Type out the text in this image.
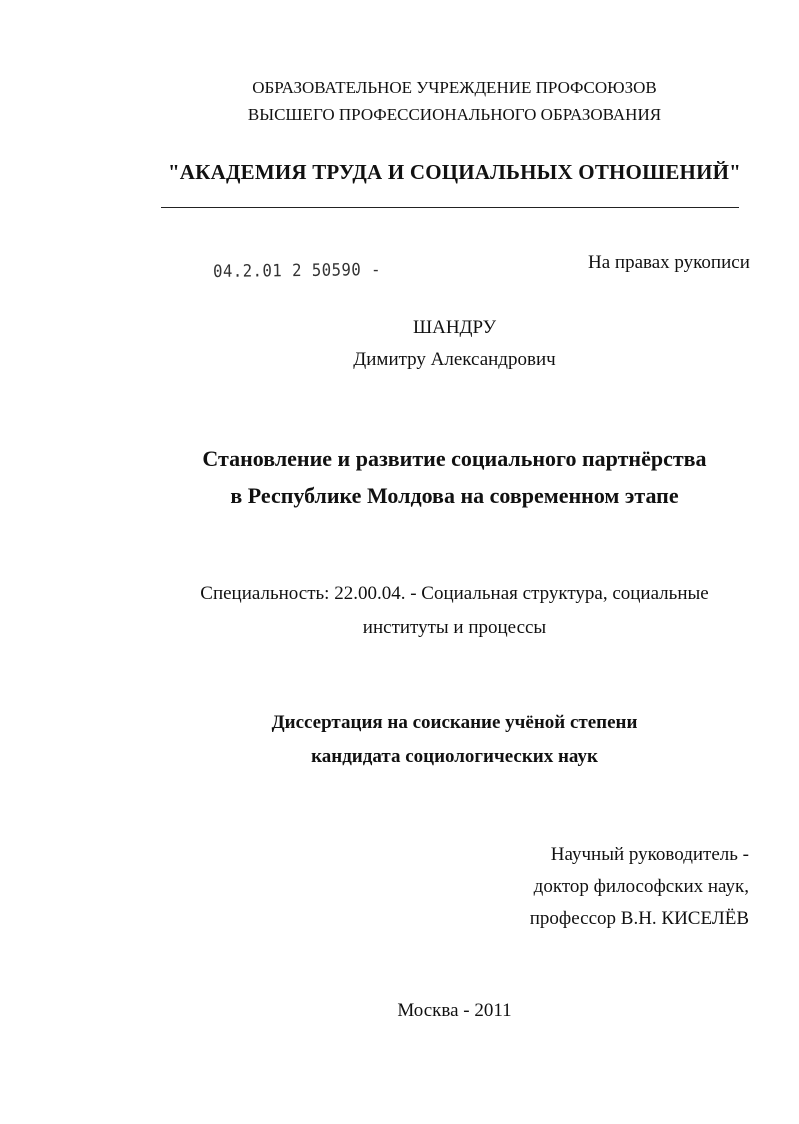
ОБРАЗОВАТЕЛЬНОЕ УЧРЕЖДЕНИЕ ПРОФСОЮЗОВ
ВЫСШЕГО ПРОФЕССИОНАЛЬНОГО ОБРАЗОВАНИЯ
"АКАДЕМИЯ ТРУДА И СОЦИАЛЬНЫХ ОТНОШЕНИЙ"
04.2.01 2 50590 -	На правах рукописи
ШАНДРУ
Димитру Александрович
Становление и развитие социального партнёрства
в Республике Молдова на современном этапе
Специальность: 22.00.04. - Социальная структура, социальные
институты и процессы
Диссертация на соискание учёной степени
кандидата социологических наук
Научный руководитель -
доктор философских наук,
профессор В.Н. КИСЕЛЁВ
Москва - 2011
